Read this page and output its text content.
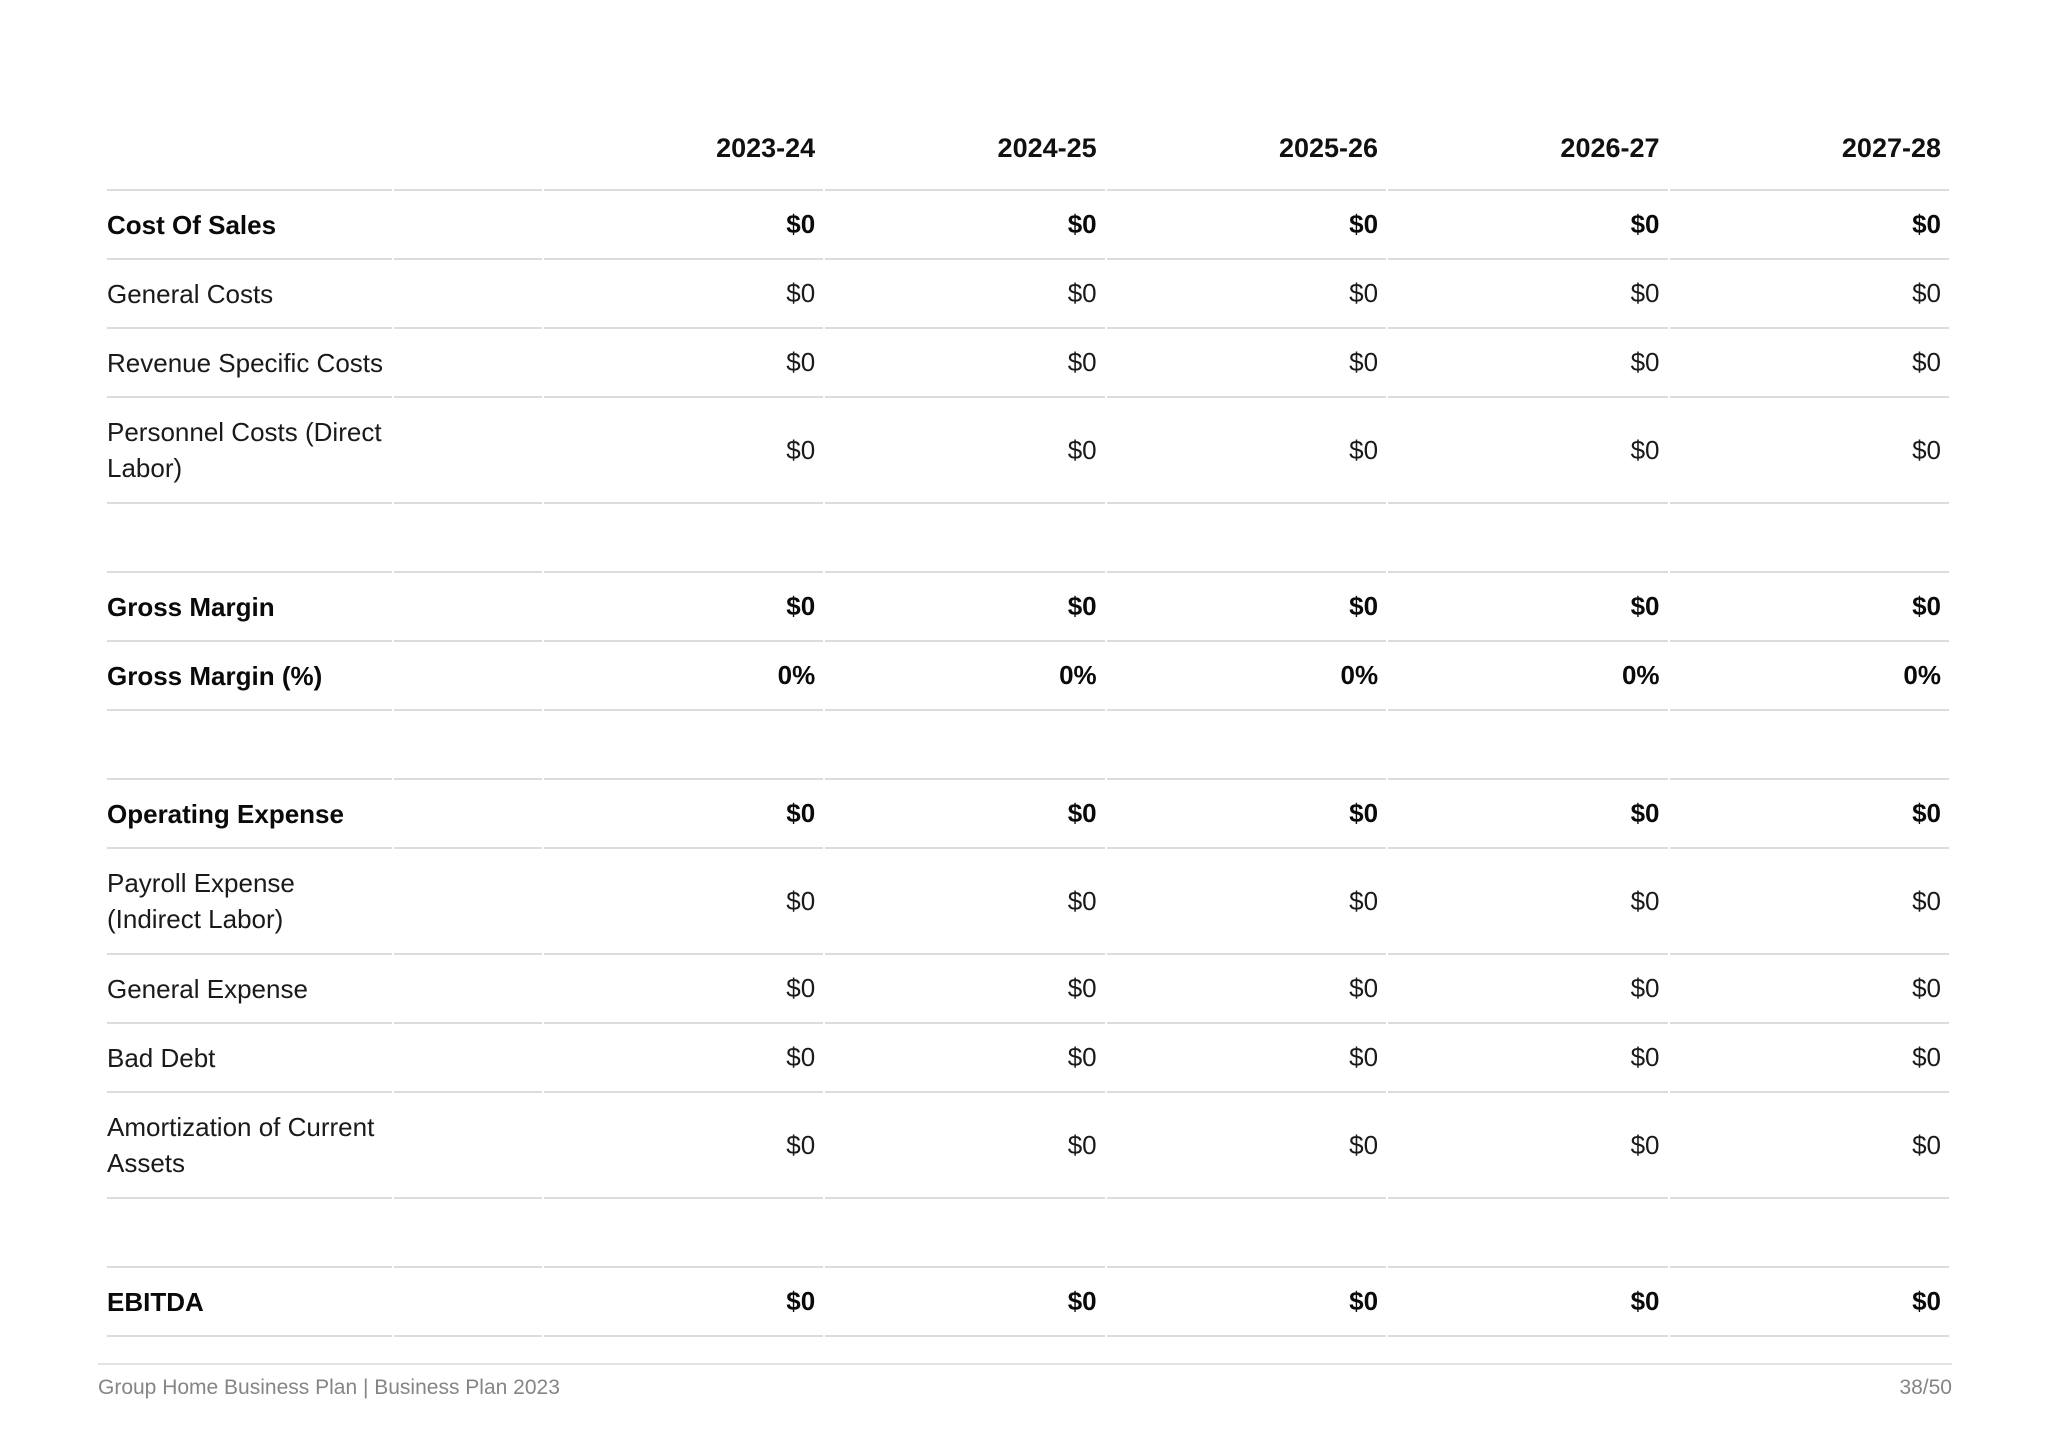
		2023-24	2024-25	2025-26	2026-27	2027-28
Cost Of Sales		$0	$0	$0	$0	$0
General Costs		$0	$0	$0	$0	$0
Revenue Specific Costs		$0	$0	$0	$0	$0
Personnel Costs (Direct Labor)		$0	$0	$0	$0	$0

Gross Margin		$0	$0	$0	$0	$0
Gross Margin (%)		0%	0%	0%	0%	0%

Operating Expense		$0	$0	$0	$0	$0
Payroll Expense (Indirect Labor)		$0	$0	$0	$0	$0
General Expense		$0	$0	$0	$0	$0
Bad Debt		$0	$0	$0	$0	$0
Amortization of Current Assets		$0	$0	$0	$0	$0

EBITDA		$0	$0	$0	$0	$0
Group Home Business Plan | Business Plan 2023	38/50
